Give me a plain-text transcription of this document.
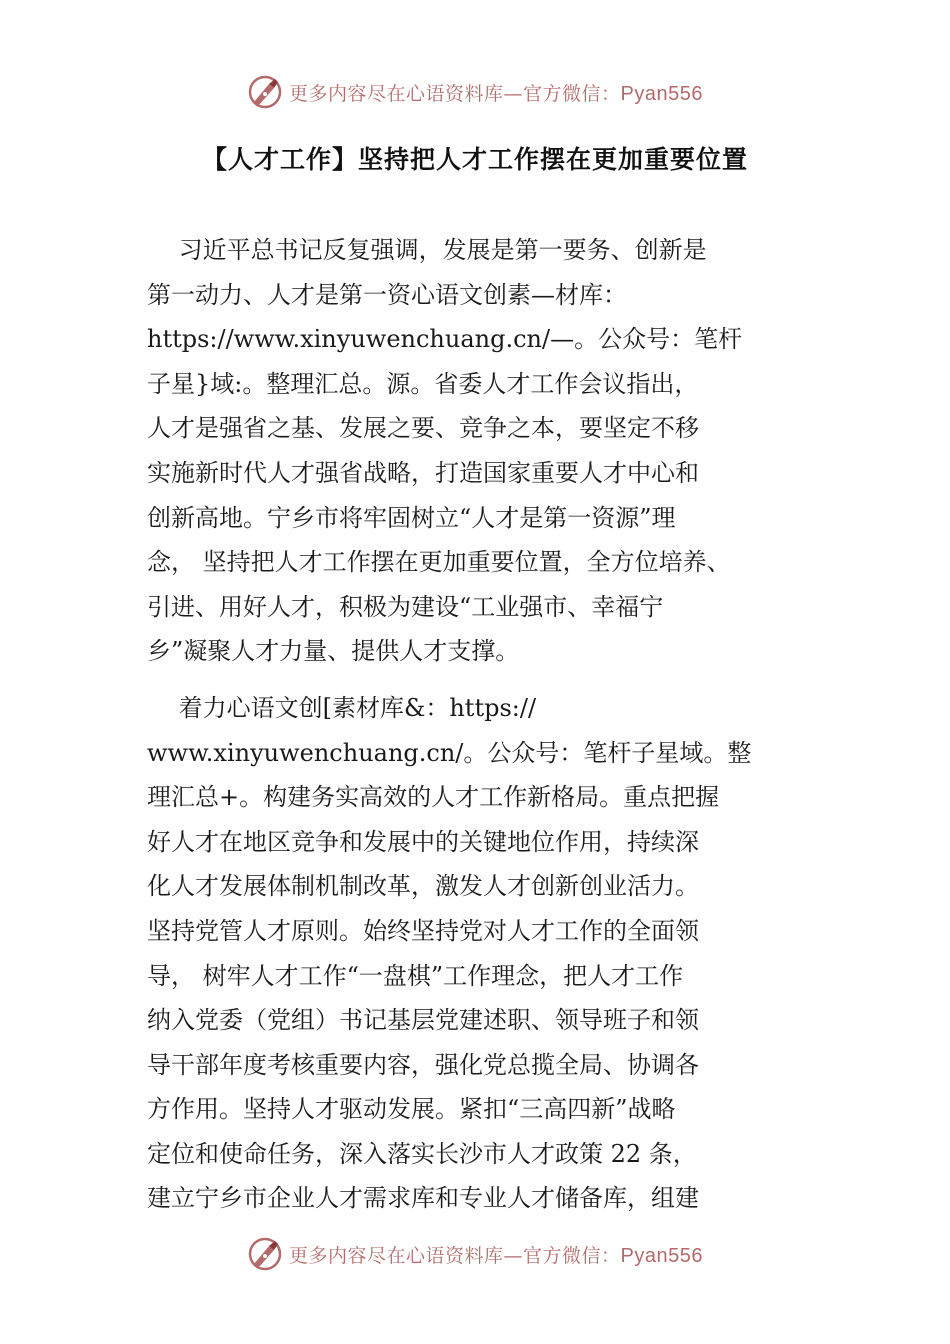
更多内容尽在心语资料库—官方微信：Pyan556
【人才工作】坚持把人才工作摆在更加重要位置
　 习近平总书记反复强调，发展是第一要务、创新是
第一动力、人才是第一资心语文创素—材库：
https://www.xinyuwenchuang.cn/—。公众号：笔杆
子星}域:。整理汇总。源。省委人才工作会议指出，
人才是强省之基、发展之要、竞争之本，要坚定不移
实施新时代人才强省战略，打造国家重要人才中心和
创新高地。宁乡市将牢固树立“人才是第一资源”理
念， 坚持把人才工作摆在更加重要位置，全方位培养、
引进、用好人才，积极为建设“工业强市、幸福宁
乡”凝聚人才力量、提供人才支撑。
　 着力心语文创[素材库&：https://
www.xinyuwenchuang.cn/。公众号：笔杆子星域。整
理汇总+。构建务实高效的人才工作新格局。重点把握
好人才在地区竞争和发展中的关键地位作用，持续深
化人才发展体制机制改革，激发人才创新创业活力。
坚持党管人才原则。始终坚持党对人才工作的全面领
导， 树牢人才工作“一盘棋”工作理念，把人才工作
纳入党委（党组）书记基层党建述职、领导班子和领
导干部年度考核重要内容，强化党总揽全局、协调各
方作用。坚持人才驱动发展。紧扣“三高四新”战略
定位和使命任务，深入落实长沙市人才政策 22 条，
建立宁乡市企业人才需求库和专业人才储备库，组建
更多内容尽在心语资料库—官方微信：Pyan556
